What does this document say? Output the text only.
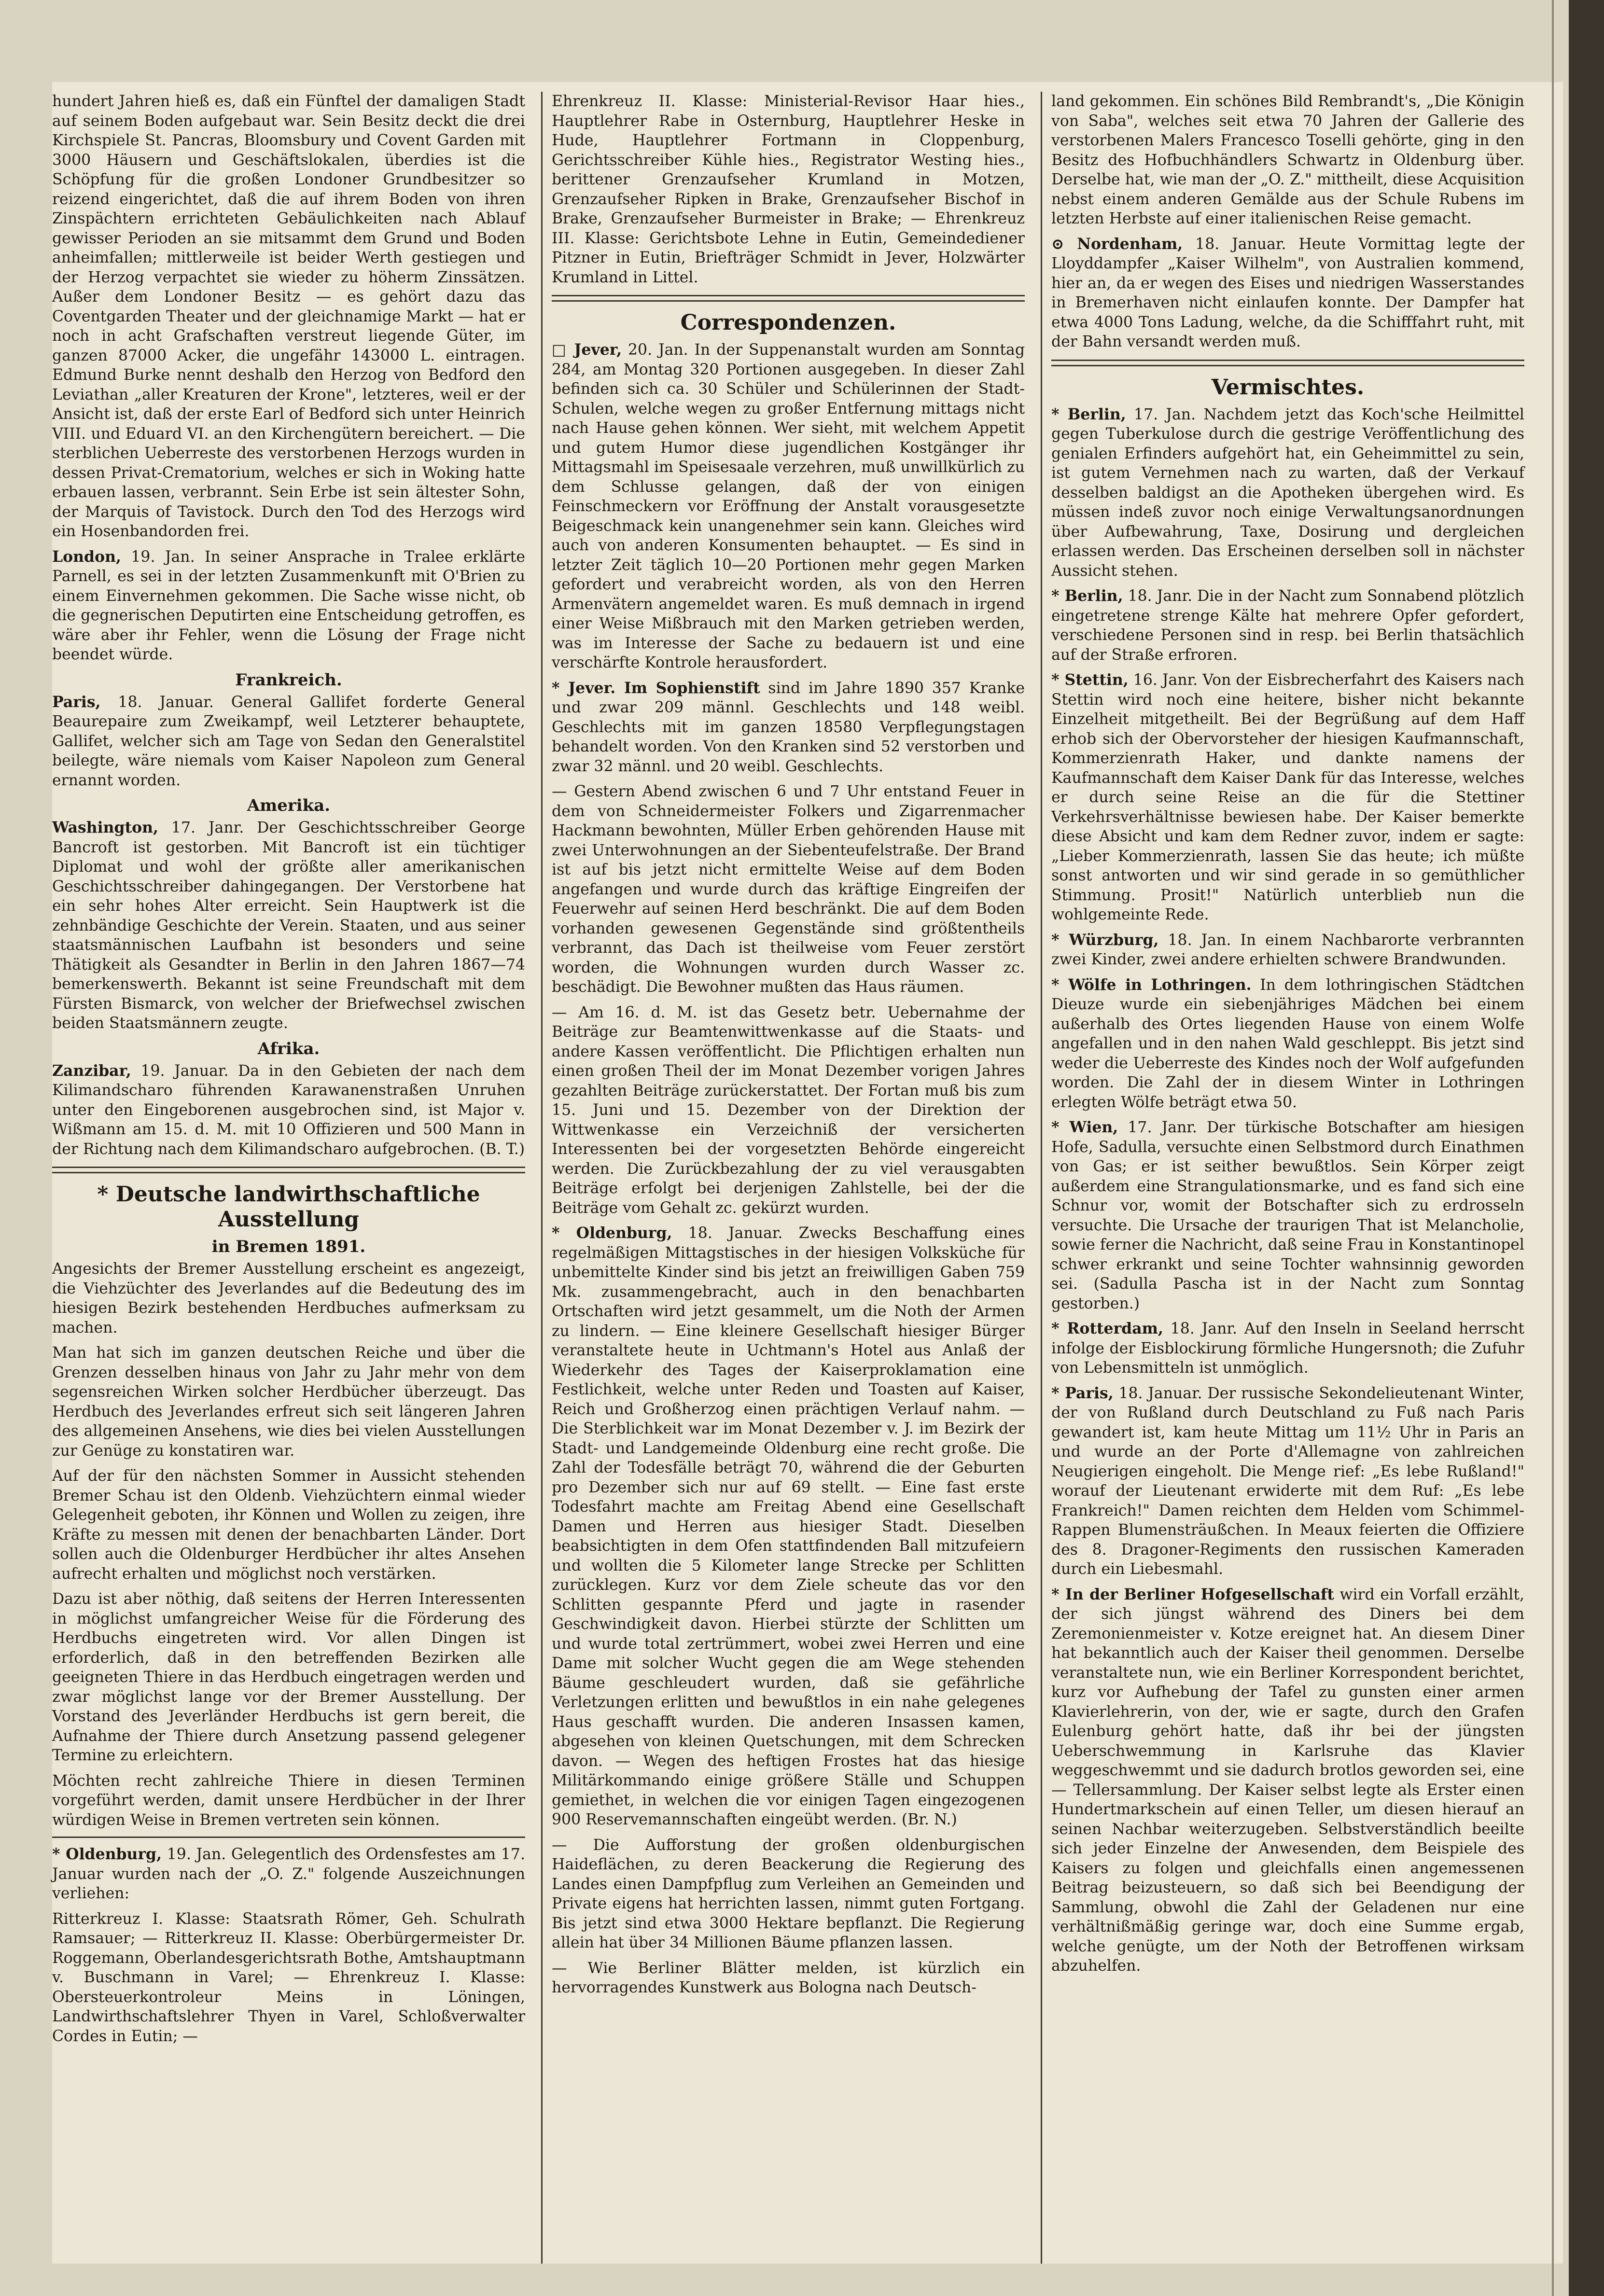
hundert Jahren hieß es, daß ein Fünftel der damaligen Stadt auf seinem Boden aufgebaut war. Sein Besitz deckt die drei Kirchspiele St. Pancras, Bloomsbury und Covent Garden mit 3000 Häusern und Geschäftslokalen, überdies ist die Schöpfung für die großen Londoner Grundbesitzer so reizend eingerichtet, daß die auf ihrem Boden von ihren Zinspächtern errichteten Gebäulichkeiten nach Ablauf gewisser Perioden an sie mitsammt dem Grund und Boden anheimfallen; mittlerweile ist beider Werth gestiegen und der Herzog verpachtet sie wieder zu höherm Zinssätzen. Außer dem Londoner Besitz — es gehört dazu das Coventgarden Theater und der gleichnamige Markt — hat er noch in acht Grafschaften verstreut liegende Güter, im ganzen 87000 Acker, die ungefähr 143000 L. eintragen. Edmund Burke nennt deshalb den Herzog von Bedford den Leviathan „aller Kreaturen der Krone", letzteres, weil er der Ansicht ist, daß der erste Earl of Bedford sich unter Heinrich VIII. und Eduard VI. an den Kirchengütern bereichert. — Die sterblichen Ueberreste des verstorbenen Herzogs wurden in dessen Privat-Crematorium, welches er sich in Woking hatte erbauen lassen, verbrannt. Sein Erbe ist sein ältester Sohn, der Marquis of Tavistock. Durch den Tod des Herzogs wird ein Hosenbandorden frei.

London, 19. Jan. In seiner Ansprache in Tralee erklärte Parnell, es sei in der letzten Zusammenkunft mit O'Brien zu einem Einvernehmen gekommen. Die Sache wisse nicht, ob die gegnerischen Deputirten eine Entscheidung getroffen, es wäre aber ihr Fehler, wenn die Lösung der Frage nicht beendet würde.

Frankreich.

Paris, 18. Januar. General Gallifet forderte General Beaurepaire zum Zweikampf, weil Letzterer behauptete, Gallifet, welcher sich am Tage von Sedan den Generalstitel beilegte, wäre niemals vom Kaiser Napoleon zum General ernannt worden.

Amerika.

Washington, 17. Janr. Der Geschichtsschreiber George Bancroft ist gestorben. Mit Bancroft ist ein tüchtiger Diplomat und wohl der größte aller amerikanischen Geschichtsschreiber dahingegangen. Der Verstorbene hat ein sehr hohes Alter erreicht. Sein Hauptwerk ist die zehnbändige Geschichte der Verein. Staaten, und aus seiner staatsmännischen Laufbahn ist besonders und seine Thätigkeit als Gesandter in Berlin in den Jahren 1867—74 bemerkenswerth. Bekannt ist seine Freundschaft mit dem Fürsten Bismarck, von welcher der Briefwechsel zwischen beiden Staatsmännern zeugte.

Afrika.

Zanzibar, 19. Januar. Da in den Gebieten der nach dem Kilimandscharo führenden Karawanenstraßen Unruhen unter den Eingeborenen ausgebrochen sind, ist Major v. Wißmann am 15. d. M. mit 10 Offizieren und 500 Mann in der Richtung nach dem Kilimandscharo aufgebrochen. (B. T.)

* Deutsche landwirthschaftliche Ausstellung
in Bremen 1891.

Angesichts der Bremer Ausstellung erscheint es angezeigt, die Viehzüchter des Jeverlandes auf die Bedeutung des im hiesigen Bezirk bestehenden Herdbuches aufmerksam zu machen.

Man hat sich im ganzen deutschen Reiche und über die Grenzen desselben hinaus von Jahr zu Jahr mehr von dem segensreichen Wirken solcher Herdbücher überzeugt. Das Herdbuch des Jeverlandes erfreut sich seit längeren Jahren des allgemeinen Ansehens, wie dies bei vielen Ausstellungen zur Genüge zu konstatiren war.

Auf der für den nächsten Sommer in Aussicht stehenden Bremer Schau ist den Oldenb. Viehzüchtern einmal wieder Gelegenheit geboten, ihr Können und Wollen zu zeigen, ihre Kräfte zu messen mit denen der benachbarten Länder. Dort sollen auch die Oldenburger Herdbücher ihr altes Ansehen aufrecht erhalten und möglichst noch verstärken.

Dazu ist aber nöthig, daß seitens der Herren Interessenten in möglichst umfangreicher Weise für die Förderung des Herdbuchs eingetreten wird. Vor allen Dingen ist erforderlich, daß in den betreffenden Bezirken alle geeigneten Thiere in das Herdbuch eingetragen werden und zwar möglichst lange vor der Bremer Ausstellung. Der Vorstand des Jeverländer Herdbuchs ist gern bereit, die Aufnahme der Thiere durch Ansetzung passend gelegener Termine zu erleichtern.

Möchten recht zahlreiche Thiere in diesen Terminen vorgeführt werden, damit unsere Herdbücher in der Ihrer würdigen Weise in Bremen vertreten sein können.

* Oldenburg, 19. Jan. Gelegentlich des Ordensfestes am 17. Januar wurden nach der „O. Z." folgende Auszeichnungen verliehen:

Ritterkreuz I. Klasse: Staatsrath Römer, Geh. Schulrath Ramsauer; — Ritterkreuz II. Klasse: Oberbürgermeister Dr. Roggemann, Oberlandesgerichtsrath Bothe, Amtshauptmann v. Buschmann in Varel; — Ehrenkreuz I. Klasse: Obersteuerkontroleur Meins in Löningen, Landwirthschaftslehrer Thyen in Varel, Schloßverwalter Cordes in Eutin; —

Ehrenkreuz II. Klasse: Ministerial-Revisor Haar hies., Hauptlehrer Rabe in Osternburg, Hauptlehrer Heske in Hude, Hauptlehrer Fortmann in Cloppenburg, Gerichtsschreiber Kühle hies., Registrator Westing hies., berittener Grenzaufseher Krumland in Motzen, Grenzaufseher Ripken in Brake, Grenzaufseher Bischof in Brake, Grenzaufseher Burmeister in Brake; — Ehrenkreuz III. Klasse: Gerichtsbote Lehne in Eutin, Gemeindediener Pitzner in Eutin, Briefträger Schmidt in Jever, Holzwärter Krumland in Littel.

Correspondenzen.

□ Jever, 20. Jan. In der Suppenanstalt wurden am Sonntag 284, am Montag 320 Portionen ausgegeben. In dieser Zahl befinden sich ca. 30 Schüler und Schülerinnen der Stadt-Schulen, welche wegen zu großer Entfernung mittags nicht nach Hause gehen können. Wer sieht, mit welchem Appetit und gutem Humor diese jugendlichen Kostgänger ihr Mittagsmahl im Speisesaale verzehren, muß unwillkürlich zu dem Schlusse gelangen, daß der von einigen Feinschmeckern vor Eröffnung der Anstalt vorausgesetzte Beigeschmack kein unangenehmer sein kann. Gleiches wird auch von anderen Konsumenten behauptet. — Es sind in letzter Zeit täglich 10—20 Portionen mehr gegen Marken gefordert und verabreicht worden, als von den Herren Armenvätern angemeldet waren. Es muß demnach in irgend einer Weise Mißbrauch mit den Marken getrieben werden, was im Interesse der Sache zu bedauern ist und eine verschärfte Kontrole herausfordert.

* Jever. Im Sophienstift sind im Jahre 1890 357 Kranke und zwar 209 männl. Geschlechts und 148 weibl. Geschlechts mit im ganzen 18580 Verpflegungstagen behandelt worden. Von den Kranken sind 52 verstorben und zwar 32 männl. und 20 weibl. Geschlechts.

— Gestern Abend zwischen 6 und 7 Uhr entstand Feuer in dem von Schneidermeister Folkers und Zigarrenmacher Hackmann bewohnten, Müller Erben gehörenden Hause mit zwei Unterwohnungen an der Siebenteufelstraße. Der Brand ist auf bis jetzt nicht ermittelte Weise auf dem Boden angefangen und wurde durch das kräftige Eingreifen der Feuerwehr auf seinen Herd beschränkt. Die auf dem Boden vorhanden gewesenen Gegenstände sind größtentheils verbrannt, das Dach ist theilweise vom Feuer zerstört worden, die Wohnungen wurden durch Wasser zc. beschädigt. Die Bewohner mußten das Haus räumen.

— Am 16. d. M. ist das Gesetz betr. Uebernahme der Beiträge zur Beamtenwittwenkasse auf die Staats- und andere Kassen veröffentlicht. Die Pflichtigen erhalten nun einen großen Theil der im Monat Dezember vorigen Jahres gezahlten Beiträge zurückerstattet. Der Fortan muß bis zum 15. Juni und 15. Dezember von der Direktion der Wittwenkasse ein Verzeichniß der versicherten Interessenten bei der vorgesetzten Behörde eingereicht werden. Die Zurückbezahlung der zu viel verausgabten Beiträge erfolgt bei derjenigen Zahlstelle, bei der die Beiträge vom Gehalt zc. gekürzt wurden.

* Oldenburg, 18. Januar. Zwecks Beschaffung eines regelmäßigen Mittagstisches in der hiesigen Volksküche für unbemittelte Kinder sind bis jetzt an freiwilligen Gaben 759 Mk. zusammengebracht, auch in den benachbarten Ortschaften wird jetzt gesammelt, um die Noth der Armen zu lindern. — Eine kleinere Gesellschaft hiesiger Bürger veranstaltete heute in Uchtmann's Hotel aus Anlaß der Wiederkehr des Tages der Kaiserproklamation eine Festlichkeit, welche unter Reden und Toasten auf Kaiser, Reich und Großherzog einen prächtigen Verlauf nahm. — Die Sterblichkeit war im Monat Dezember v. J. im Bezirk der Stadt- und Landgemeinde Oldenburg eine recht große. Die Zahl der Todesfälle beträgt 70, während die der Geburten pro Dezember sich nur auf 69 stellt. — Eine fast erste Todesfahrt machte am Freitag Abend eine Gesellschaft Damen und Herren aus hiesiger Stadt. Dieselben beabsichtigten in dem Ofen stattfindenden Ball mitzufeiern und wollten die 5 Kilometer lange Strecke per Schlitten zurücklegen. Kurz vor dem Ziele scheute das vor den Schlitten gespannte Pferd und jagte in rasender Geschwindigkeit davon. Hierbei stürzte der Schlitten um und wurde total zertrümmert, wobei zwei Herren und eine Dame mit solcher Wucht gegen die am Wege stehenden Bäume geschleudert wurden, daß sie gefährliche Verletzungen erlitten und bewußtlos in ein nahe gelegenes Haus geschafft wurden. Die anderen Insassen kamen, abgesehen von kleinen Quetschungen, mit dem Schrecken davon. — Wegen des heftigen Frostes hat das hiesige Militärkommando einige größere Ställe und Schuppen gemiethet, in welchen die vor einigen Tagen eingezogenen 900 Reservemannschaften eingeübt werden. (Br. N.)

— Die Aufforstung der großen oldenburgischen Haideflächen, zu deren Beackerung die Regierung des Landes einen Dampfpflug zum Verleihen an Gemeinden und Private eigens hat herrichten lassen, nimmt guten Fortgang. Bis jetzt sind etwa 3000 Hektare bepflanzt. Die Regierung allein hat über 34 Millionen Bäume pflanzen lassen.

— Wie Berliner Blätter melden, ist kürzlich ein hervorragendes Kunstwerk aus Bologna nach Deutsch-

land gekommen. Ein schönes Bild Rembrandt's, „Die Königin von Saba", welches seit etwa 70 Jahren der Gallerie des verstorbenen Malers Francesco Toselli gehörte, ging in den Besitz des Hofbuchhändlers Schwartz in Oldenburg über. Derselbe hat, wie man der „O. Z." mittheilt, diese Acquisition nebst einem anderen Gemälde aus der Schule Rubens im letzten Herbste auf einer italienischen Reise gemacht.

⊙ Nordenham, 18. Januar. Heute Vormittag legte der Lloyddampfer „Kaiser Wilhelm", von Australien kommend, hier an, da er wegen des Eises und niedrigen Wasserstandes in Bremerhaven nicht einlaufen konnte. Der Dampfer hat etwa 4000 Tons Ladung, welche, da die Schifffahrt ruht, mit der Bahn versandt werden muß.

Vermischtes.

* Berlin, 17. Jan. Nachdem jetzt das Koch'sche Heilmittel gegen Tuberkulose durch die gestrige Veröffentlichung des genialen Erfinders aufgehört hat, ein Geheimmittel zu sein, ist gutem Vernehmen nach zu warten, daß der Verkauf desselben baldigst an die Apotheken übergehen wird. Es müssen indeß zuvor noch einige Verwaltungsanordnungen über Aufbewahrung, Taxe, Dosirung und dergleichen erlassen werden. Das Erscheinen derselben soll in nächster Aussicht stehen.

* Berlin, 18. Janr. Die in der Nacht zum Sonnabend plötzlich eingetretene strenge Kälte hat mehrere Opfer gefordert, verschiedene Personen sind in resp. bei Berlin thatsächlich auf der Straße erfroren.

* Stettin, 16. Janr. Von der Eisbrecherfahrt des Kaisers nach Stettin wird noch eine heitere, bisher nicht bekannte Einzelheit mitgetheilt. Bei der Begrüßung auf dem Haff erhob sich der Obervorsteher der hiesigen Kaufmannschaft, Kommerzienrath Haker, und dankte namens der Kaufmannschaft dem Kaiser Dank für das Interesse, welches er durch seine Reise an die für die Stettiner Verkehrsverhältnisse bewiesen habe. Der Kaiser bemerkte diese Absicht und kam dem Redner zuvor, indem er sagte: „Lieber Kommerzienrath, lassen Sie das heute; ich müßte sonst antworten und wir sind gerade in so gemüthlicher Stimmung. Prosit!" Natürlich unterblieb nun die wohlgemeinte Rede.

* Würzburg, 18. Jan. In einem Nachbarorte verbrannten zwei Kinder, zwei andere erhielten schwere Brandwunden.

* Wölfe in Lothringen. In dem lothringischen Städtchen Dieuze wurde ein siebenjähriges Mädchen bei einem außerhalb des Ortes liegenden Hause von einem Wolfe angefallen und in den nahen Wald geschleppt. Bis jetzt sind weder die Ueberreste des Kindes noch der Wolf aufgefunden worden. Die Zahl der in diesem Winter in Lothringen erlegten Wölfe beträgt etwa 50.

* Wien, 17. Janr. Der türkische Botschafter am hiesigen Hofe, Sadulla, versuchte einen Selbstmord durch Einathmen von Gas; er ist seither bewußtlos. Sein Körper zeigt außerdem eine Strangulationsmarke, und es fand sich eine Schnur vor, womit der Botschafter sich zu erdrosseln versuchte. Die Ursache der traurigen That ist Melancholie, sowie ferner die Nachricht, daß seine Frau in Konstantinopel schwer erkrankt und seine Tochter wahnsinnig geworden sei. (Sadulla Pascha ist in der Nacht zum Sonntag gestorben.)

* Rotterdam, 18. Janr. Auf den Inseln in Seeland herrscht infolge der Eisblockirung förmliche Hungersnoth; die Zufuhr von Lebensmitteln ist unmöglich.

* Paris, 18. Januar. Der russische Sekondelieutenant Winter, der von Rußland durch Deutschland zu Fuß nach Paris gewandert ist, kam heute Mittag um 11½ Uhr in Paris an und wurde an der Porte d'Allemagne von zahlreichen Neugierigen eingeholt. Die Menge rief: „Es lebe Rußland!" worauf der Lieutenant erwiderte mit dem Ruf: „Es lebe Frankreich!" Damen reichten dem Helden vom Schimmel-Rappen Blumensträußchen. In Meaux feierten die Offiziere des 8. Dragoner-Regiments den russischen Kameraden durch ein Liebesmahl.

* In der Berliner Hofgesellschaft wird ein Vorfall erzählt, der sich jüngst während des Diners bei dem Zeremonienmeister v. Kotze ereignet hat. An diesem Diner hat bekanntlich auch der Kaiser theil genommen. Derselbe veranstaltete nun, wie ein Berliner Korrespondent berichtet, kurz vor Aufhebung der Tafel zu gunsten einer armen Klavierlehrerin, von der, wie er sagte, durch den Grafen Eulenburg gehört hatte, daß ihr bei der jüngsten Ueberschwemmung in Karlsruhe das Klavier weggeschwemmt und sie dadurch brotlos geworden sei, eine — Tellersammlung. Der Kaiser selbst legte als Erster einen Hundertmarkschein auf einen Teller, um diesen hierauf an seinen Nachbar weiterzugeben. Selbstverständlich beeilte sich jeder Einzelne der Anwesenden, dem Beispiele des Kaisers zu folgen und gleichfalls einen angemessenen Beitrag beizusteuern, so daß sich bei Beendigung der Sammlung, obwohl die Zahl der Geladenen nur eine verhältnißmäßig geringe war, doch eine Summe ergab, welche genügte, um der Noth der Betroffenen wirksam abzuhelfen.
